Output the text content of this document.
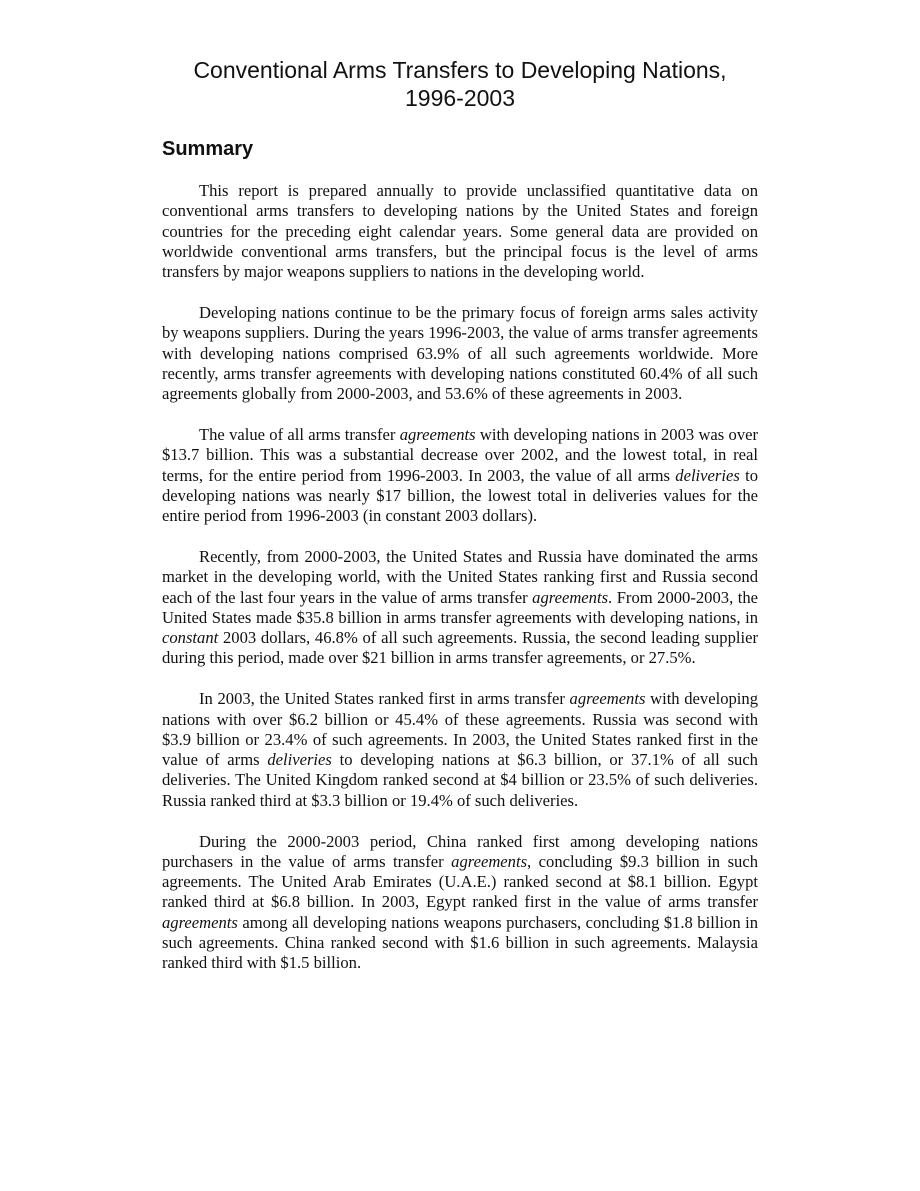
Conventional Arms Transfers to Developing Nations,
1996-2003
Summary

This report is prepared annually to provide unclassified quantitative data on conventional arms transfers to developing nations by the United States and foreign countries for the preceding eight calendar years. Some general data are provided on worldwide conventional arms transfers, but the principal focus is the level of arms transfers by major weapons suppliers to nations in the developing world.

Developing nations continue to be the primary focus of foreign arms sales activity by weapons suppliers. During the years 1996-2003, the value of arms transfer agreements with developing nations comprised 63.9% of all such agreements worldwide. More recently, arms transfer agreements with developing nations constituted 60.4% of all such agreements globally from 2000-2003, and 53.6% of these agreements in 2003.

The value of all arms transfer agreements with developing nations in 2003 was over $13.7 billion. This was a substantial decrease over 2002, and the lowest total, in real terms, for the entire period from 1996-2003. In 2003, the value of all arms deliveries to developing nations was nearly $17 billion, the lowest total in deliveries values for the entire period from 1996-2003 (in constant 2003 dollars).

Recently, from 2000-2003, the United States and Russia have dominated the arms market in the developing world, with the United States ranking first and Russia second each of the last four years in the value of arms transfer agreements. From 2000-2003, the United States made $35.8 billion in arms transfer agreements with developing nations, in constant 2003 dollars, 46.8% of all such agreements. Russia, the second leading supplier during this period, made over $21 billion in arms transfer agreements, or 27.5%.

In 2003, the United States ranked first in arms transfer agreements with developing nations with over $6.2 billion or 45.4% of these agreements. Russia was second with $3.9 billion or 23.4% of such agreements. In 2003, the United States ranked first in the value of arms deliveries to developing nations at $6.3 billion, or 37.1% of all such deliveries. The United Kingdom ranked second at $4 billion or 23.5% of such deliveries. Russia ranked third at $3.3 billion or 19.4% of such deliveries.

During the 2000-2003 period, China ranked first among developing nations purchasers in the value of arms transfer agreements, concluding $9.3 billion in such agreements. The United Arab Emirates (U.A.E.) ranked second at $8.1 billion. Egypt ranked third at $6.8 billion. In 2003, Egypt ranked first in the value of arms transfer agreements among all developing nations weapons purchasers, concluding $1.8 billion in such agreements. China ranked second with $1.6 billion in such agreements. Malaysia ranked third with $1.5 billion.
